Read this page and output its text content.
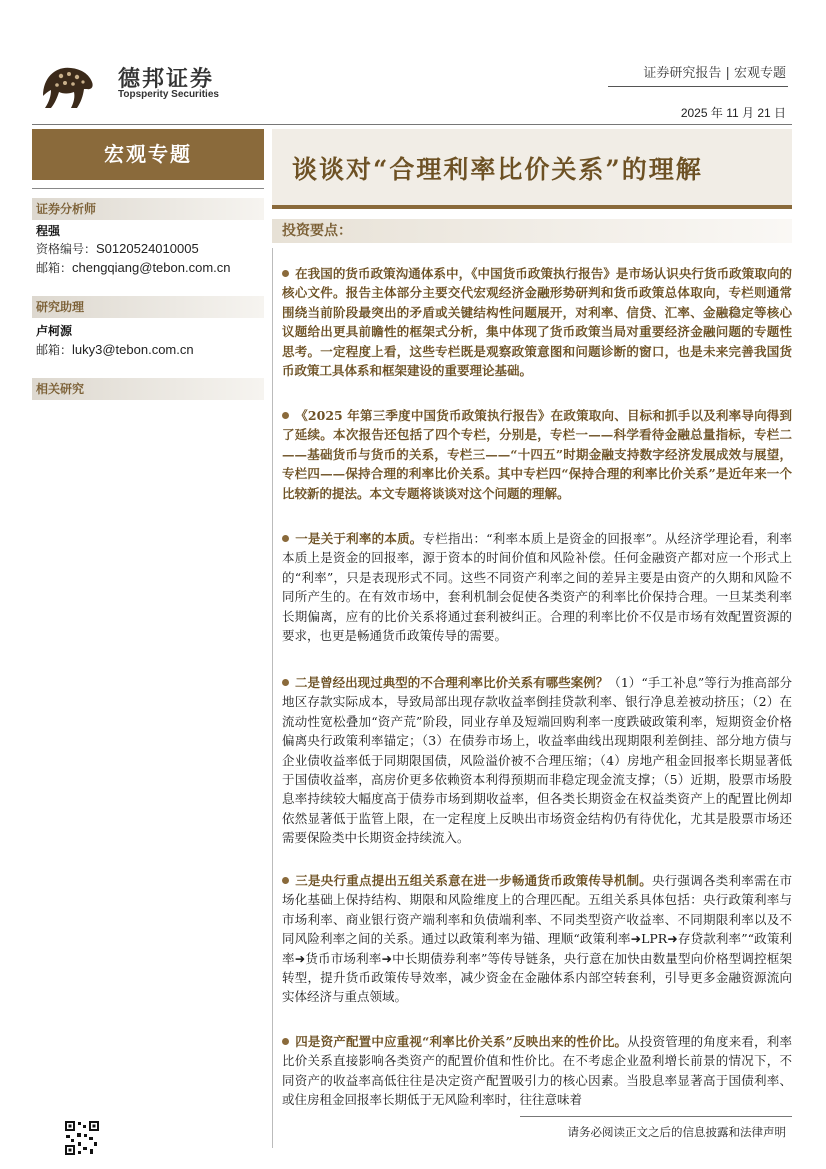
德邦证券
Topsperity Securities
证券研究报告 | 宏观专题
2025 年 11 月 21 日
宏观专题
谈谈对“合理利率比价关系”的理解
证券分析师
程强
资格编号：S0120524010005
邮箱：chengqiang@tebon.com.cn
研究助理
卢柯源
邮箱：luky3@tebon.com.cn
相关研究
投资要点：
在我国的货币政策沟通体系中，《中国货币政策执行报告》是市场认识央行货币政策取向的核心文件。报告主体部分主要交代宏观经济金融形势研判和货币政策总体取向，专栏则通常围绕当前阶段最突出的矛盾或关键结构性问题展开，对利率、信贷、汇率、金融稳定等核心议题给出更具前瞻性的框架式分析，集中体现了货币政策当局对重要经济金融问题的专题性思考。一定程度上看，这些专栏既是观察政策意图和问题诊断的窗口，也是未来完善我国货币政策工具体系和框架建设的重要理论基础。
《2025 年第三季度中国货币政策执行报告》在政策取向、目标和抓手以及利率导向得到了延续。本次报告还包括了四个专栏，分别是，专栏一——科学看待金融总量指标，专栏二——基础货币与货币的关系，专栏三——“十四五”时期金融支持数字经济发展成效与展望，专栏四——保持合理的利率比价关系。其中专栏四“保持合理的利率比价关系”是近年来一个比较新的提法。本文专题将谈谈对这个问题的理解。
一是关于利率的本质。专栏指出：“利率本质上是资金的回报率”。从经济学理论看，利率本质上是资金的回报率，源于资本的时间价值和风险补偿。任何金融资产都对应一个形式上的“利率”，只是表现形式不同。这些不同资产利率之间的差异主要是由资产的久期和风险不同所产生的。在有效市场中，套利机制会促使各类资产的利率比价保持合理。一旦某类利率长期偏离，应有的比价关系将通过套利被纠正。合理的利率比价不仅是市场有效配置资源的要求，也更是畅通货币政策传导的需要。
二是曾经出现过典型的不合理利率比价关系有哪些案例？（1）“手工补息”等行为推高部分地区存款实际成本，导致局部出现存款收益率倒挂贷款利率、银行净息差被动挤压；（2）在流动性宽松叠加“资产荒”阶段，同业存单及短端回购利率一度跌破政策利率，短期资金价格偏离央行政策利率锚定；（3）在债券市场上，收益率曲线出现期限利差倒挂、部分地方债与企业债收益率低于同期限国债，风险溢价被不合理压缩；（4）房地产租金回报率长期显著低于国债收益率，高房价更多依赖资本利得预期而非稳定现金流支撑；（5）近期，股票市场股息率持续较大幅度高于债券市场到期收益率，但各类长期资金在权益类资产上的配置比例却依然显著低于监管上限，在一定程度上反映出市场资金结构仍有待优化，尤其是股票市场还需要保险类中长期资金持续流入。
三是央行重点提出五组关系意在进一步畅通货币政策传导机制。央行强调各类利率需在市场化基础上保持结构、期限和风险维度上的合理匹配。五组关系具体包括：央行政策利率与市场利率、商业银行资产端利率和负债端利率、不同类型资产收益率、不同期限利率以及不同风险利率之间的关系。通过以政策利率为锚、理顺“政策利率➜LPR➜存贷款利率”“政策利率➜货币市场利率➜中长期债券利率”等传导链条，央行意在加快由数量型向价格型调控框架转型，提升货币政策传导效率，减少资金在金融体系内部空转套利，引导更多金融资源流向实体经济与重点领域。
四是资产配置中应重视“利率比价关系”反映出来的性价比。从投资管理的角度来看，利率比价关系直接影响各类资产的配置价值和性价比。在不考虑企业盈利增长前景的情况下，不同资产的收益率高低往往是决定资产配置吸引力的核心因素。当股息率显著高于国债利率、或住房租金回报率长期低于无风险利率时，往往意味着
请务必阅读正文之后的信息披露和法律声明
